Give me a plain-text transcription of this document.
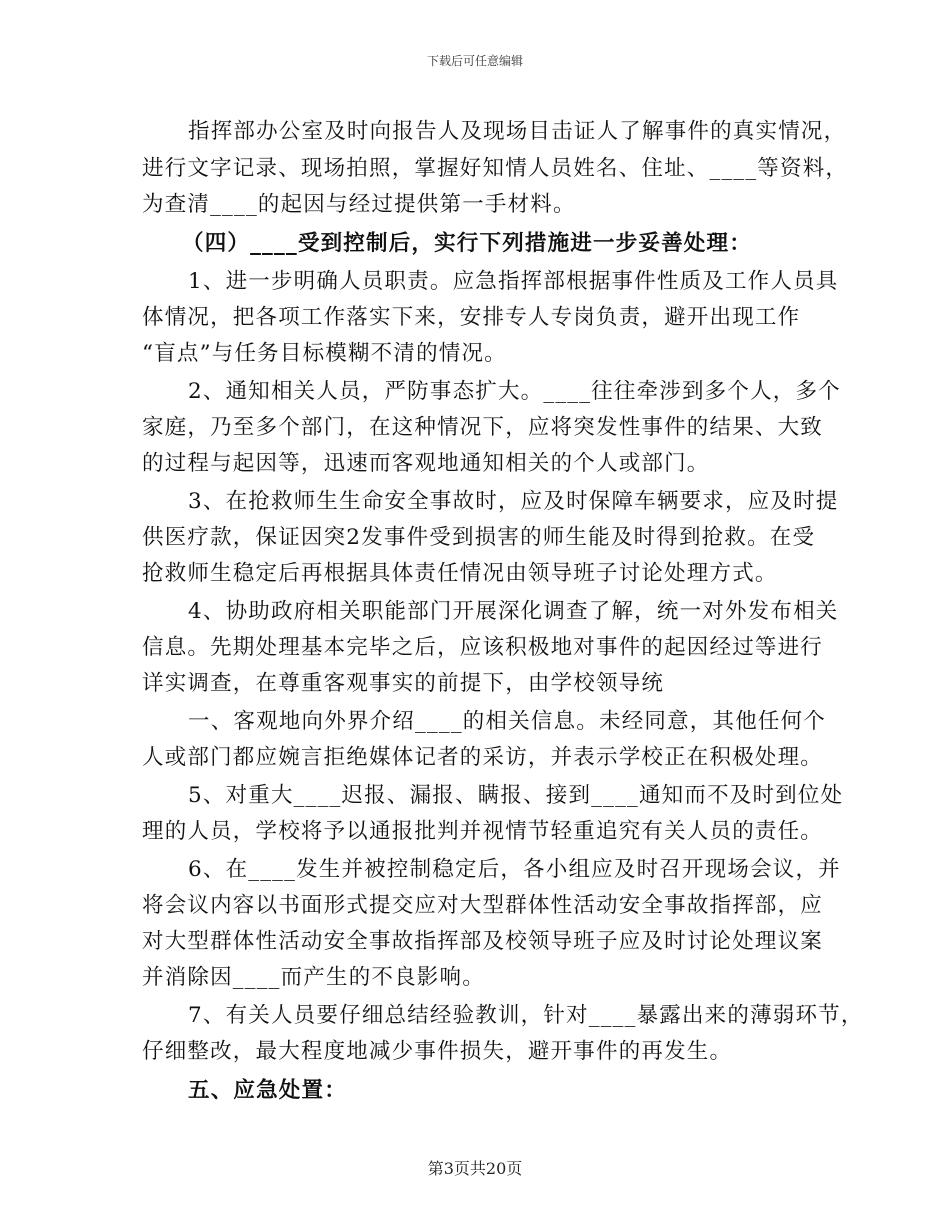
下载后可任意编辑
指挥部办公室及时向报告人及现场目击证人了解事件的真实情况，
进行文字记录、现场拍照，掌握好知情人员姓名、住址、____等资料，
为查清____的起因与经过提供第一手材料。
（四）____受到控制后，实行下列措施进一步妥善处理：
1、进一步明确人员职责。应急指挥部根据事件性质及工作人员具
体情况，把各项工作落实下来，安排专人专岗负责，避开出现工作
“盲点”与任务目标模糊不清的情况。
2、通知相关人员，严防事态扩大。____往往牵涉到多个人，多个
家庭，乃至多个部门，在这种情况下，应将突发性事件的结果、大致
的过程与起因等，迅速而客观地通知相关的个人或部门。
3、在抢救师生生命安全事故时，应及时保障车辆要求，应及时提
供医疗款，保证因突2发事件受到损害的师生能及时得到抢救。在受
抢救师生稳定后再根据具体责任情况由领导班子讨论处理方式。
4、协助政府相关职能部门开展深化调查了解，统一对外发布相关
信息。先期处理基本完毕之后，应该积极地对事件的起因经过等进行
详实调查，在尊重客观事实的前提下，由学校领导统
一、客观地向外界介绍____的相关信息。未经同意，其他任何个
人或部门都应婉言拒绝媒体记者的采访，并表示学校正在积极处理。
5、对重大____迟报、漏报、瞒报、接到____通知而不及时到位处
理的人员，学校将予以通报批判并视情节轻重追究有关人员的责任。
6、在____发生并被控制稳定后，各小组应及时召开现场会议，并
将会议内容以书面形式提交应对大型群体性活动安全事故指挥部，应
对大型群体性活动安全事故指挥部及校领导班子应及时讨论处理议案
并消除因____而产生的不良影响。
7、有关人员要仔细总结经验教训，针对____暴露出来的薄弱环节，
仔细整改，最大程度地减少事件损失，避开事件的再发生。
五、应急处置：
第3页共20页
